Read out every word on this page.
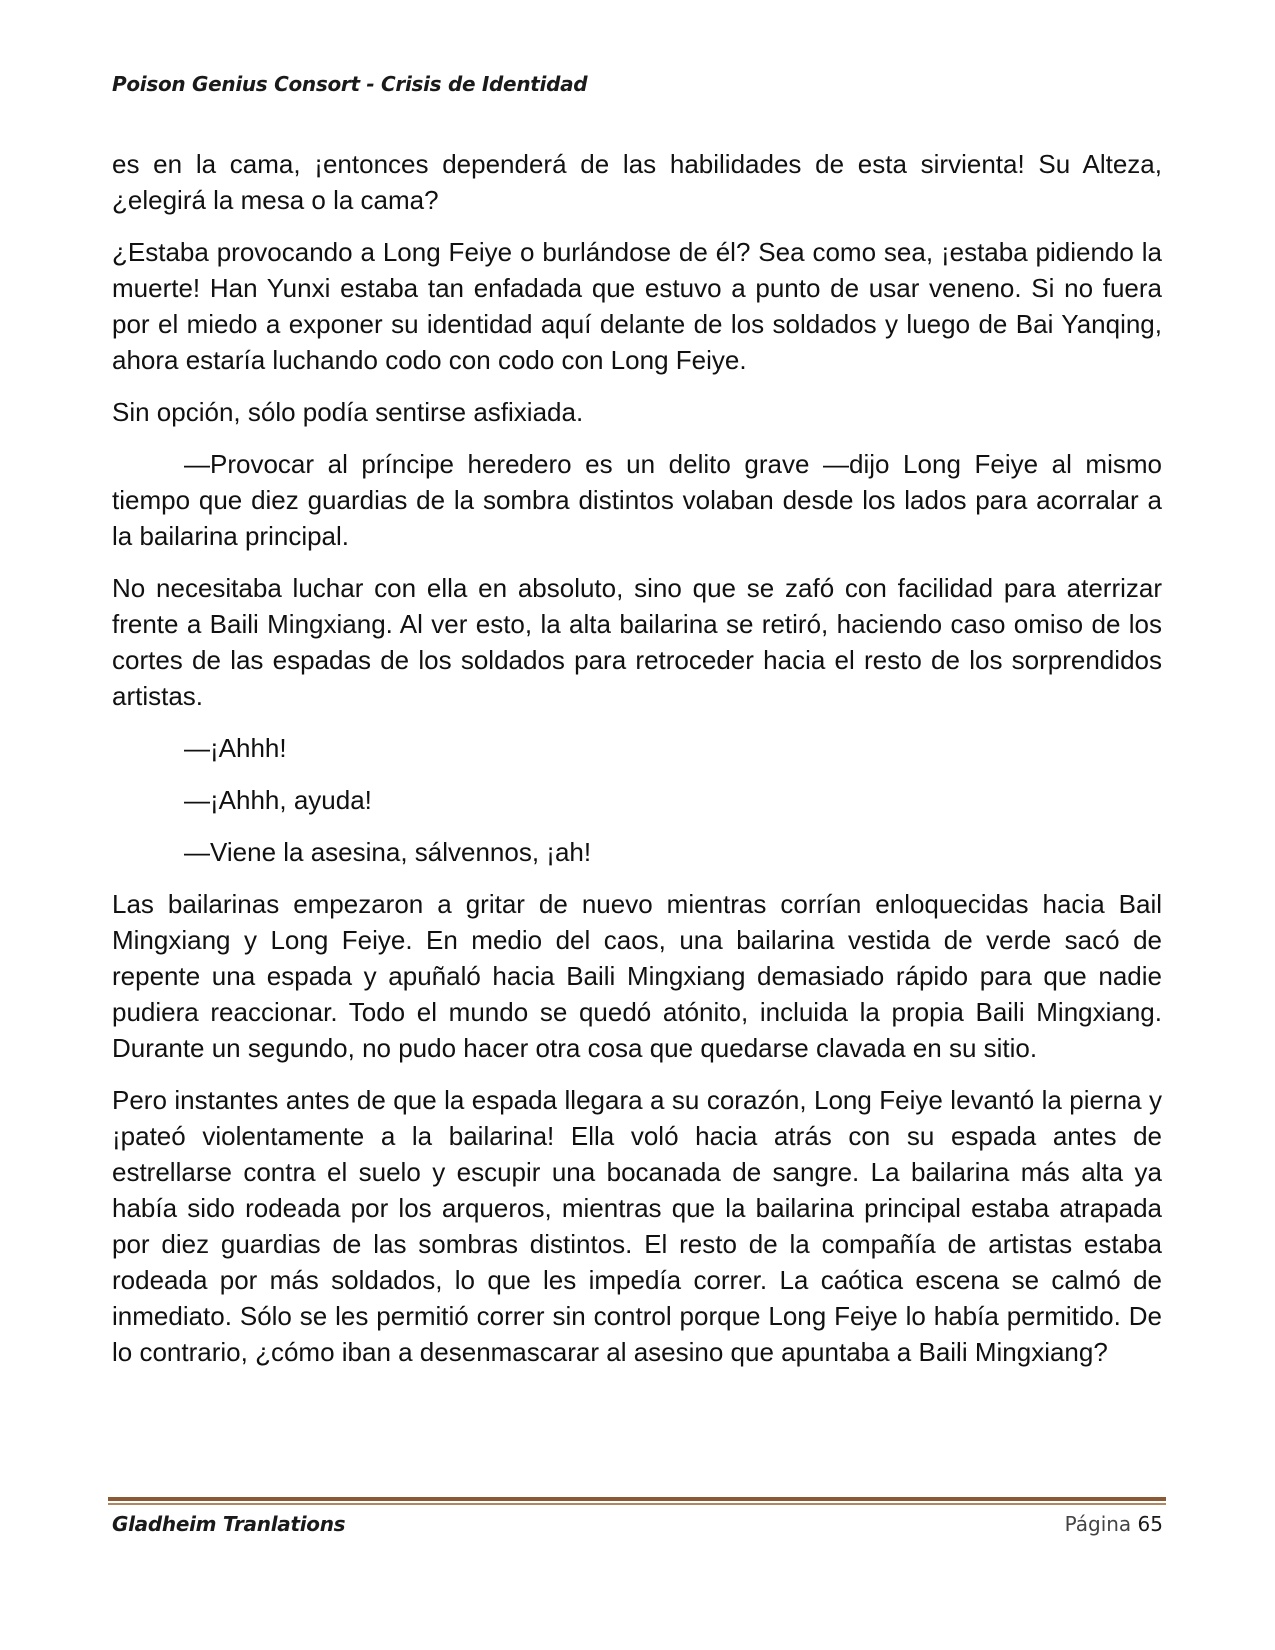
Poison Genius Consort - Crisis de Identidad

es en la cama, ¡entonces dependerá de las habilidades de esta sirvienta! Su Alteza, ¿elegirá la mesa o la cama?

¿Estaba provocando a Long Feiye o burlándose de él? Sea como sea, ¡estaba pidiendo la muerte! Han Yunxi estaba tan enfadada que estuvo a punto de usar veneno. Si no fuera por el miedo a exponer su identidad aquí delante de los soldados y luego de Bai Yanqing, ahora estaría luchando codo con codo con Long Feiye.

Sin opción, sólo podía sentirse asfixiada.

—Provocar al príncipe heredero es un delito grave —dijo Long Feiye al mismo tiempo que diez guardias de la sombra distintos volaban desde los lados para acorralar a la bailarina principal.

No necesitaba luchar con ella en absoluto, sino que se zafó con facilidad para aterrizar frente a Baili Mingxiang. Al ver esto, la alta bailarina se retiró, haciendo caso omiso de los cortes de las espadas de los soldados para retroceder hacia el resto de los sorprendidos artistas.

—¡Ahhh!

—¡Ahhh, ayuda!

—Viene la asesina, sálvennos, ¡ah!

Las bailarinas empezaron a gritar de nuevo mientras corrían enloquecidas hacia Bail Mingxiang y Long Feiye. En medio del caos, una bailarina vestida de verde sacó de repente una espada y apuñaló hacia Baili Mingxiang demasiado rápido para que nadie pudiera reaccionar. Todo el mundo se quedó atónito, incluida la propia Baili Mingxiang. Durante un segundo, no pudo hacer otra cosa que quedarse clavada en su sitio.

Pero instantes antes de que la espada llegara a su corazón, Long Feiye levantó la pierna y ¡pateó violentamente a la bailarina! Ella voló hacia atrás con su espada antes de estrellarse contra el suelo y escupir una bocanada de sangre. La bailarina más alta ya había sido rodeada por los arqueros, mientras que la bailarina principal estaba atrapada por diez guardias de las sombras distintos. El resto de la compañía de artistas estaba rodeada por más soldados, lo que les impedía correr. La caótica escena se calmó de inmediato. Sólo se les permitió correr sin control porque Long Feiye lo había permitido. De lo contrario, ¿cómo iban a desenmascarar al asesino que apuntaba a Baili Mingxiang?

Gladheim Tranlations	Página 65
